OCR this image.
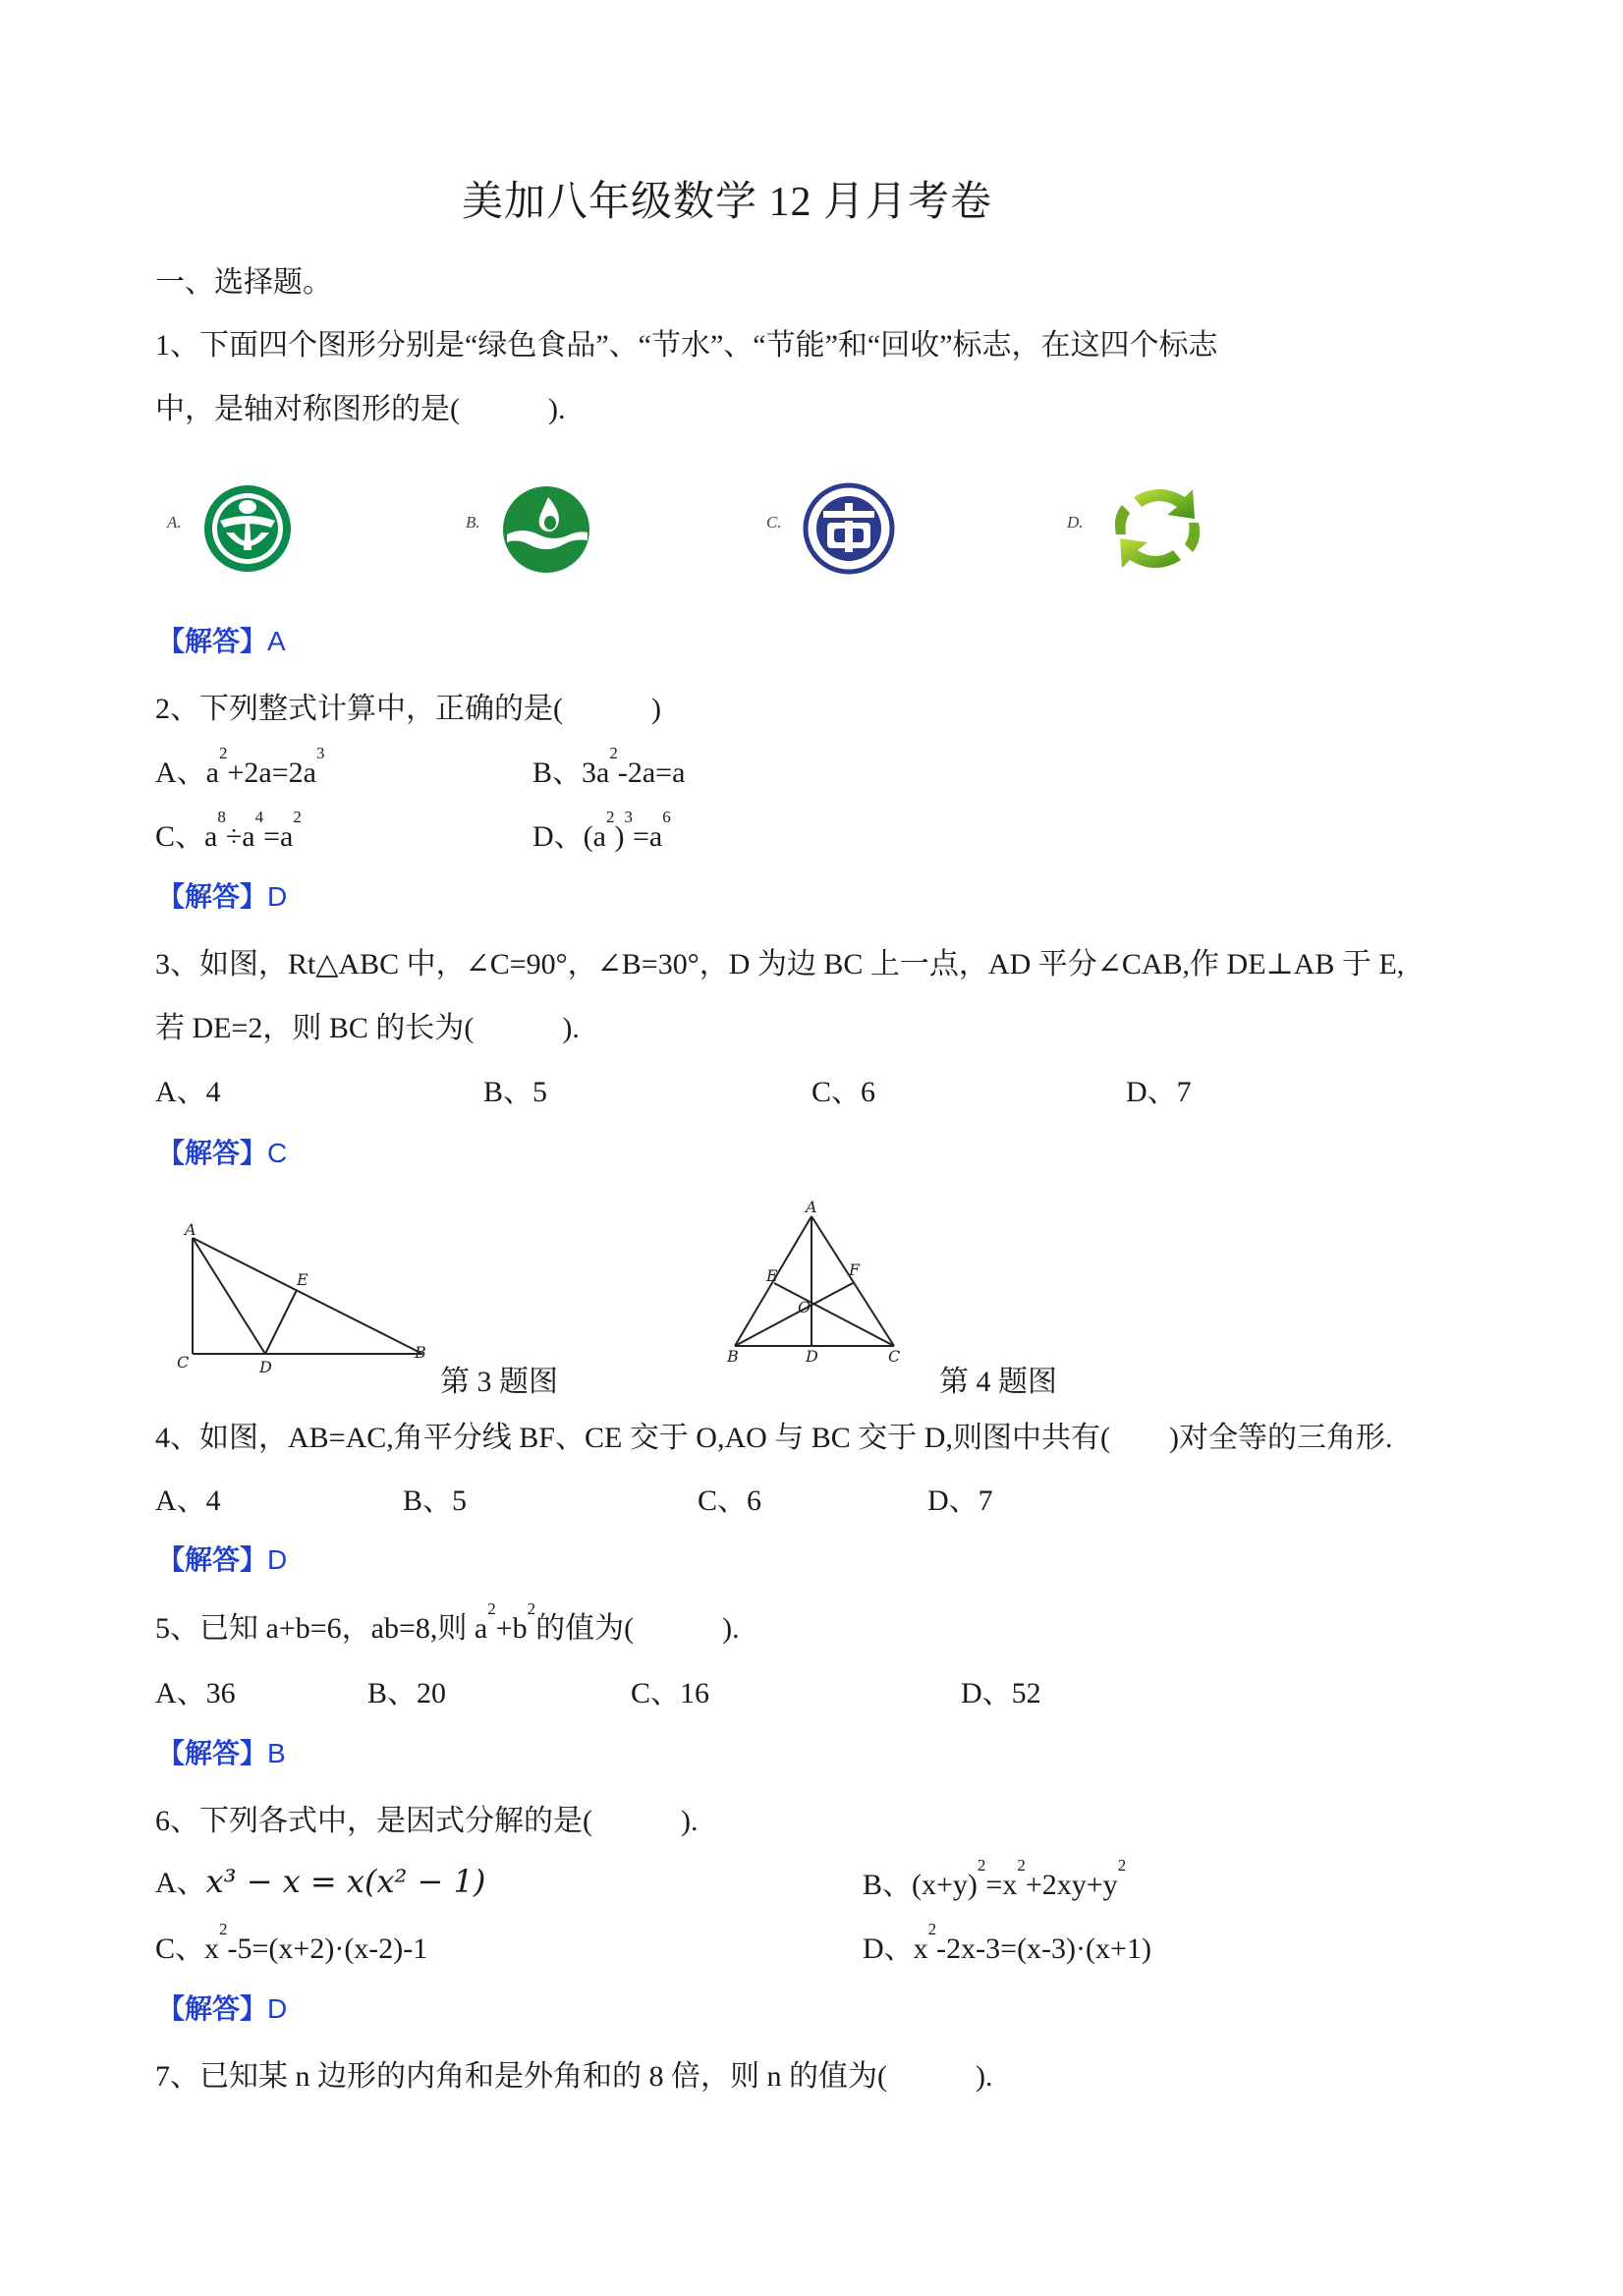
美加八年级数学 12 月月考卷
一、选择题。
1、下面四个图形分别是“绿色食品”、“节水”、“节能”和“回收”标志，在这四个标志
中，是轴对称图形的是(　　　).
A.	B.	C.	D.
【解答】A
2、下列整式计算中，正确的是(　　　)
A、$a^2+2a=2a^3$
B、$3a^2-2a=a$
C、$a^8\div a^4=a^2$
D、$(a^2)^3=a^6$
【解答】D
3、如图，Rt△ABC 中，∠C=90°，∠B=30°，D 为边 BC 上一点，AD 平分∠CAB,作 DE⊥AB 于 E,
若 DE=2，则 BC 的长为(　　　).
A、4	B、5	C、6	D、7
【解答】C
A
E
C	D
B
第 3 题图
A
E	F
O
B	D	C
第 4 题图
4、如图，AB=AC,角平分线 BF、CE 交于 O,AO 与 BC 交于 D,则图中共有(　　)对全等的三角形.
A、4	B、5	C、6	D、7
【解答】D
5、已知 a+b=6，ab=8,则 $a^2+b^2$的值为(　　　).
A、36	B、20	C、16	D、52
【解答】B
6、下列各式中，是因式分解的是(　　　).
A、x³ − x = x(x² − 1)	B、$(x+y)^2=x^2+2xy+y^2$
C、$x^2-5=(x+2)\cdot(x-2)-1$	D、$x^2-2x-3=(x-3)\cdot(x+1)$
【解答】D
7、已知某 n 边形的内角和是外角和的 8 倍，则 n 的值为(　　　).
